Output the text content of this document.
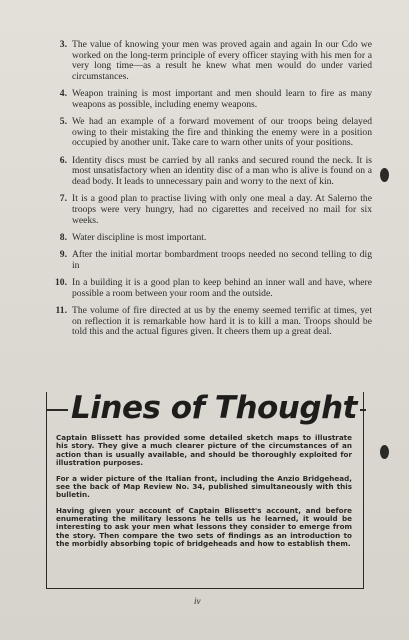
3. The value of knowing your men was proved again and again In our Cdo we worked on the long-term principle of every officer staying with his men for a very long time—as a result he knew what men would do under varied circumstances.
4. Weapon training is most important and men should learn to fire as many weapons as possible, including enemy weapons.
5. We had an example of a forward movement of our troops being delayed owing to their mistaking the fire and thinking the enemy were in a position occupied by another unit. Take care to warn other units of your positions.
6. Identity discs must be carried by all ranks and secured round the neck. It is most unsatisfactory when an identity disc of a man who is alive is found on a dead body. It leads to unnecessary pain and worry to the next of kin.
7. It is a good plan to practise living with only one meal a day. At Salerno the troops were very hungry, had no cigarettes and received no mail for six weeks.
8. Water discipline is most important.
9. After the initial mortar bombardment troops needed no second telling to dig in
10. In a building it is a good plan to keep behind an inner wall and have, where possible a room between your room and the outside.
11. The volume of fire directed at us by the enemy seemed terrific at times, yet on reflection it is remarkable how hard it is to kill a man. Troops should be told this and the actual figures given. It cheers them up a great deal.
Lines of Thought

Captain Blissett has provided some detailed sketch maps to illustrate his story. They give a much clearer picture of the circumstances of an action than is usually available, and should be thoroughly exploited for illustration purposes.

For a wider picture of the Italian front, including the Anzio Bridgehead, see the back of Map Review No. 34, published simultaneously with this bulletin.

Having given your account of Captain Blissett's account, and before enumerating the military lessons he tells us he learned, it would be interesting to ask your men what lessons they consider to emerge from the story. Then compare the two sets of findings as an introduction to the morbidly absorbing topic of bridgeheads and how to establish them.

iv
